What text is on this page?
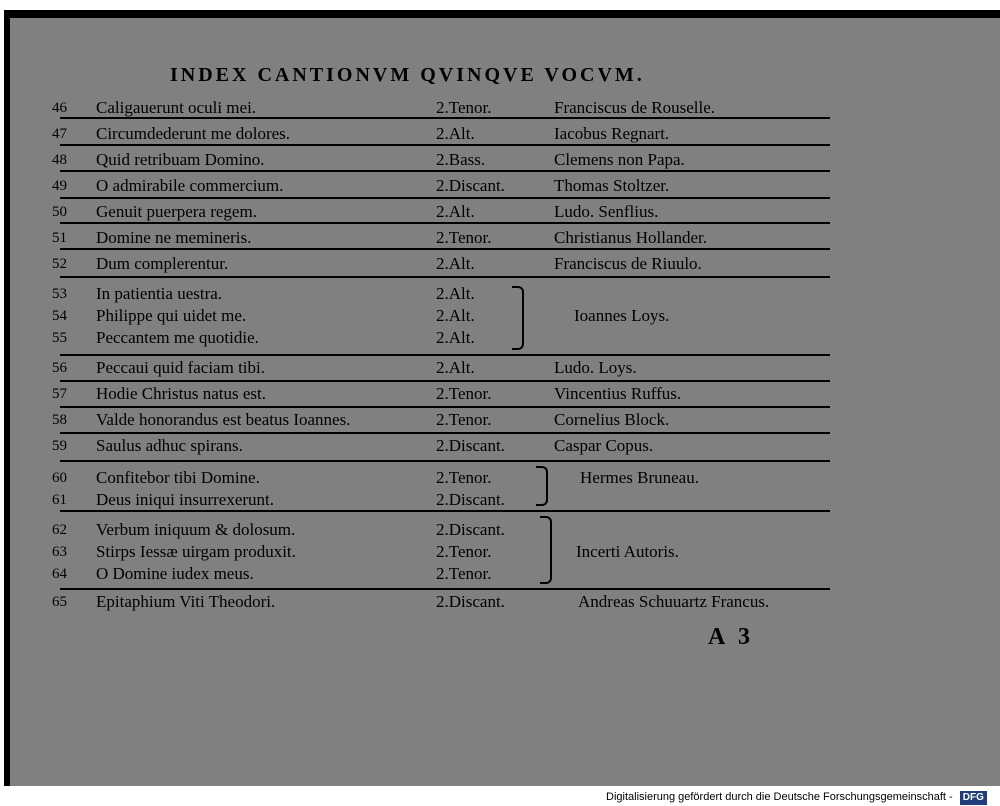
INDEX CANTIONVM QVINQVE VOCVM.
46 Caligauerunt oculi mei.	2.Tenor.	Franciscus de Rouselle.
47 Circumdederunt me dolores.	2.Alt.	Iacobus Regnart.
48 Quid retribuam Domino.	2.Bass.	Clemens non Papa.
49 O admirabile commercium.	2.Discant.	Thomas Stoltzer.
50 Genuit puerpera regem.	2.Alt.	Ludo. Senflius.
51 Domine ne memineris.	2.Tenor.	Christianus Hollander.
52 Dum complerentur.	2.Alt.	Franciscus de Riuulo.
53 In patientia uestra.	2.Alt.
54 Philippe qui uidet me.	2.Alt.	Ioannes Loys.
55 Peccantem me quotidie.	2.Alt.
56 Peccaui quid faciam tibi.	2.Alt.	Ludo. Loys.
57 Hodie Christus natus est.	2.Tenor.	Vincentius Ruffus.
58 Valde honorandus est beatus Ioannes.	2.Tenor.	Cornelius Block.
59 Saulus adhuc spirans.	2.Discant.	Caspar Copus.
60 Confitebor tibi Domine.	2.Tenor.	Hermes Bruneau.
61 Deus iniqui insurrexerunt.	2.Discant.
62 Verbum iniquum & dolosum.	2.Discant.
63 Stirps Iessæ uirgam produxit.	2.Tenor.	Incerti Autoris.
64 O Domine iudex meus.	2.Tenor.
65 Epitaphium Viti Theodori.	2.Discant.	Andreas Schuuartz Francus.
A 3
Digitalisierung gefördert durch die Deutsche Forschungsgemeinschaft - DFG
